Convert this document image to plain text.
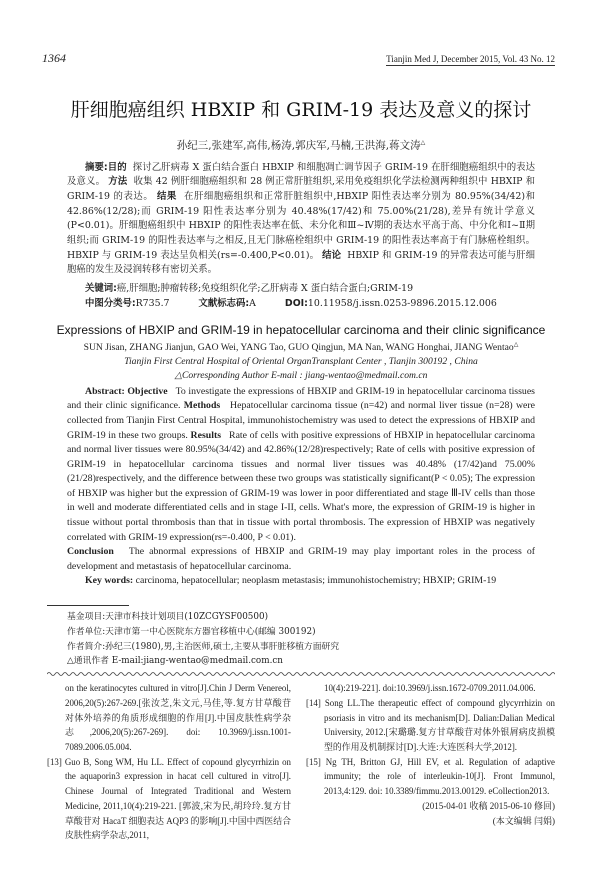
1364	Tianjin Med J, December 2015, Vol. 43 No. 12
肝细胞癌组织 HBXIP 和 GRIM-19 表达及意义的探讨
孙纪三,张建军,高伟,杨涛,郭庆军,马楠,王洪海,蒋文涛△
摘要:目的 探讨乙肝病毒 X 蛋白结合蛋白 HBXIP 和细胞凋亡调节因子 GRIM-19 在肝细胞癌组织中的表达及意义。 方法 收集 42 例肝细胞癌组织和 28 例正常肝脏组织,采用免疫组织化学法检测两种组织中 HBXIP 和 GRIM-19 的表达。 结果 在肝细胞癌组织和正常肝脏组织中,HBXIP 阳性表达率分别为 80.95%(34/42)和 42.86%(12/28);而 GRIM-19 阳性表达率分别为 40.48%(17/42)和 75.00%(21/28),差异有统计学意义(P<0.01)。肝细胞癌组织中 HBXIP 的阳性表达率在低、未分化和Ⅲ~Ⅳ期的表达水平高于高、中分化和Ⅰ~Ⅱ期组织;而 GRIM-19 的阳性表达率与之相反,且无门脉癌栓组织中 GRIM-19 的阳性表达率高于有门脉癌栓组织。HBXIP 与 GRIM-19 表达呈负相关(rs=-0.400,P<0.01)。 结论 HBXIP 和 GRIM-19 的异常表达可能与肝细胞癌的发生及浸润转移有密切关系。
关键词:癌,肝细胞;肿瘤转移;免疫组织化学;乙肝病毒 X 蛋白结合蛋白;GRIM-19
中图分类号:R735.7	文献标志码:A	DOI:10.11958/j.issn.0253-9896.2015.12.006
Expressions of HBXIP and GRIM-19 in hepatocellular carcinoma and their clinic significance
SUN Jisan, ZHANG Jianjun, GAO Wei, YANG Tao, GUO Qingjun, MA Nan, WANG Honghai, JIANG Wentao△
Tianjin First Central Hospital of Oriental OrganTransplant Center , Tianjin 300192 , China
△Corresponding Author E-mail : jiang-wentao@medmail.com.cn
Abstract: Objective To investigate the expressions of HBXIP and GRIM-19 in hepatocellular carcinoma tissues and their clinic significance. Methods Hepatocellular carcinoma tissue (n=42) and normal liver tissue (n=28) were collected from Tianjin First Central Hospital, immunohistochemistry was used to detect the expressions of HBXIP and GRIM-19 in these two groups. Results Rate of cells with positive expressions of HBXIP in hepatocellular carcinoma and normal liver tissues were 80.95%(34/42) and 42.86%(12/28)respectively; Rate of cells with positive expression of GRIM-19 in hepatocellular carcinoma tissues and normal liver tissues was 40.48% (17/42)and 75.00%(21/28)respectively, and the difference between these two groups was statistically significant(P < 0.05); The expression of HBXIP was higher but the expression of GRIM-19 was lower in poor differentiated and stage Ⅲ-IV cells than those in well and moderate differentiated cells and in stage I-II, cells. What's more, the expression of GRIM-19 is higher in tissue without portal thrombosis than that in tissue with portal thrombosis. The expression of HBXIP was negatively correlated with GRIM-19 expression(rs=-0.400, P < 0.01).
Conclusion The abnormal expressions of HBXIP and GRIM-19 may play important roles in the process of development and metastasis of hepatocellular carcinoma.
Key words: carcinoma, hepatocellular; neoplasm metastasis; immunohistochemistry; HBXIP; GRIM-19
基金项目:天津市科技计划项目(10ZCGYSF00500)
作者单位:天津市第一中心医院东方器官移植中心(邮编 300192)
作者简介:孙纪三(1980),男,主治医师,硕士,主要从事肝脏移植方面研究
△通讯作者 E-mail:jiang-wentao@medmail.com.cn
on the keratinocytes cultured in vitro[J].Chin J Derm Venereol, 2006,20(5):267-269.[张汝芝,朱文元,马佳,等.复方甘草酸苷对体外培养的角质形成细胞的作用[J].中国皮肤性病学杂志,2006,20(5):267-269]. doi: 10.3969/j.issn.1001-7089.2006.05.004.
[13] Guo B, Song WM, Hu LL. Effect of copound glycyrrhizin on the aquaporin3 expression in hacat cell cultured in vitro[J]. Chinese Journal of Integrated Traditional and Western Medicine, 2011,10(4):219-221. [郭波,宋为民,胡玲玲.复方甘草酸苷对 HacaT 细胞表达 AQP3 的影响[J].中国中西医结合皮肤性病学杂志,2011,
10(4):219-221]. doi:10.3969/j.issn.1672-0709.2011.04.006.
[14] Song LL.The therapeutic effect of compound glycyrrhizin on psoriasis in vitro and its mechanism[D]. Dalian:Dalian Medical University, 2012.[宋璐璐.复方甘草酸苷对体外银屑病皮损模型的作用及机制探讨[D].大连:大连医科大学,2012].
[15] Ng TH, Britton GJ, Hill EV, et al. Regulation of adaptive immunity; the role of interleukin-10[J]. Front Immunol, 2013,4:129. doi: 10.3389/fimmu.2013.00129. eCollection2013.
(2015-04-01 收稿 2015-06-10 修回)
(本文编辑 闫娟)
